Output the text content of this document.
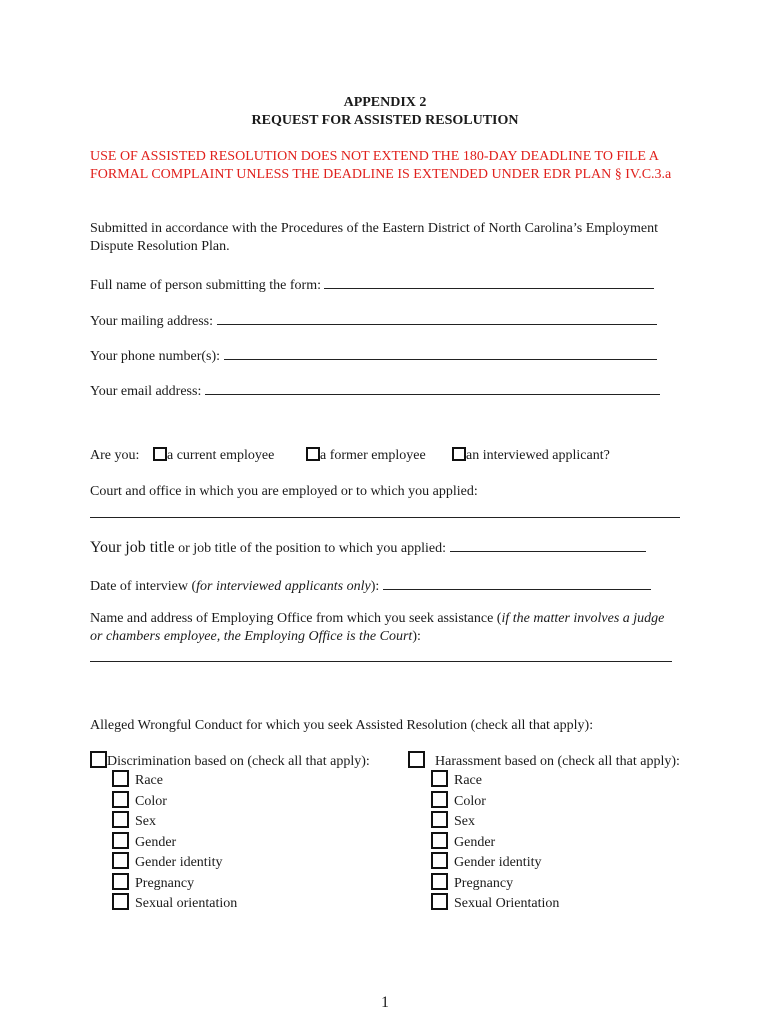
APPENDIX 2
REQUEST FOR ASSISTED RESOLUTION
USE OF ASSISTED RESOLUTION DOES NOT EXTEND THE 180-DAY DEADLINE TO FILE A FORMAL COMPLAINT UNLESS THE DEADLINE IS EXTENDED UNDER EDR PLAN § IV.C.3.a
Submitted in accordance with the Procedures of the Eastern District of North Carolina’s Employment Dispute Resolution Plan.
Full name of person submitting the form:
Your mailing address:
Your phone number(s):
Your email address:
Are you:	a current employee	a former employee	an interviewed applicant?
Court and office in which you are employed or to which you applied:
Your job title or job title of the position to which you applied:
Date of interview (for interviewed applicants only):
Name and address of Employing Office from which you seek assistance (if the matter involves a judge or chambers employee, the Employing Office is the Court):
Alleged Wrongful Conduct for which you seek Assisted Resolution (check all that apply):
Discrimination based on (check all that apply):
Race
Color
Sex
Gender
Gender identity
Pregnancy
Sexual orientation
Harassment based on (check all that apply):
Race
Color
Sex
Gender
Gender identity
Pregnancy
Sexual Orientation
1
